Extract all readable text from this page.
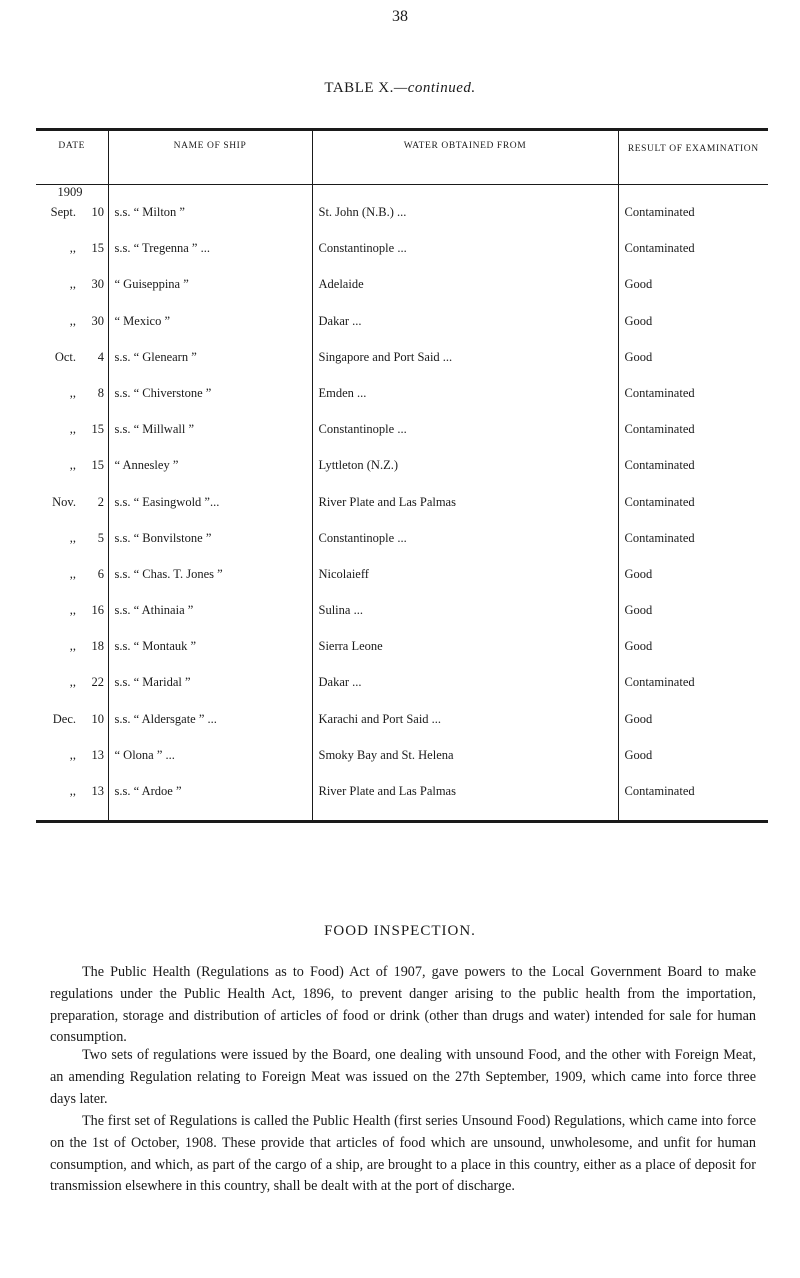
38
TABLE X.—continued.
DATE	NAME OF SHIP	WATER OBTAINED FROM	RESULT OF EXAMINATION

1909			

Sept. 10	s.s. “ Milton ”	St. John (N.B.) ...	Contaminated

,, 15	s.s. “ Tregenna ” ...	Constantinople ...	Contaminated

,, 30	“ Guiseppina ”	Adelaide	Good

,, 30	“ Mexico ”	Dakar ...	Good

Oct. 4	s.s. “ Glenearn ”	Singapore and Port Said ...	Good

,, 8	s.s. “ Chiverstone ”	Emden ...	Contaminated

,, 15	s.s. “ Millwall ”	Constantinople ...	Contaminated

,, 15	“ Annesley ”	Lyttleton (N.Z.)	Contaminated

Nov. 2	s.s. “ Easingwold ”...	River Plate and Las Palmas	Contaminated

,, 5	s.s. “ Bonvilstone ”	Constantinople ...	Contaminated

,, 6	s.s. “ Chas. T. Jones ”	Nicolaieff	Good

,, 16	s.s. “ Athinaia ”	Sulina ...	Good

,, 18	s.s. “ Montauk ”	Sierra Leone	Good

,, 22	s.s. “ Maridal ”	Dakar ...	Contaminated

Dec. 10	s.s. “ Aldersgate ” ...	Karachi and Port Said ...	Good

,, 13	“ Olona ” ...	Smoky Bay and St. Helena	Good

,, 13	s.s. “ Ardoe ”	River Plate and Las Palmas	Contaminated
FOOD INSPECTION.

The Public Health (Regulations as to Food) Act of 1907, gave powers to the Local Government Board to make regulations under the Public Health Act, 1896, to prevent danger arising to the public health from the importation, preparation, storage and distribution of articles of food or drink (other than drugs and water) intended for sale for human consumption.

Two sets of regulations were issued by the Board, one dealing with unsound Food, and the other with Foreign Meat, an amending Regulation relating to Foreign Meat was issued on the 27th September, 1909, which came into force three days later.

The first set of Regulations is called the Public Health (first series Unsound Food) Regulations, which came into force on the 1st of October, 1908. These provide that articles of food which are unsound, unwholesome, and unfit for human consumption, and which, as part of the cargo of a ship, are brought to a place in this country, either as a place of deposit for transmission elsewhere in this country, shall be dealt with at the port of discharge.
